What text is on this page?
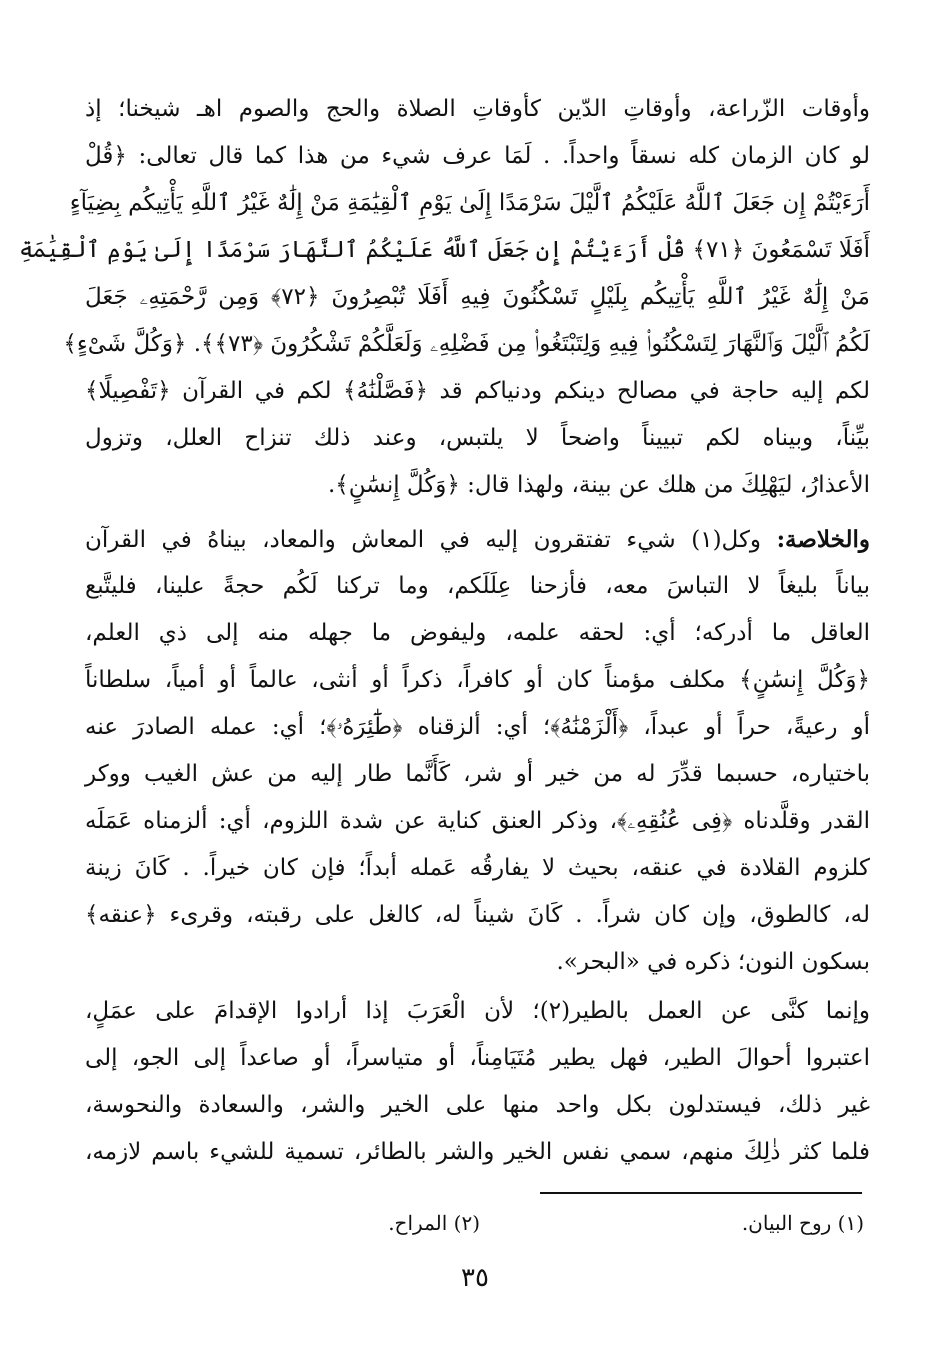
وأوقات الزّراعة، وأوقاتِ الدّين كأوقاتِ الصلاة والحج والصوم اهـ شيخنا؛ إذ
لو كان الزمان كله نسقاً واحداً. . لَمَا عرف شيء من هذا كما قال تعالى: ﴿قُلْ
أَرَءَيْتُمْ إِن جَعَلَ ٱللَّهُ عَلَيْكُمُ ٱلَّيْلَ سَرْمَدًا إِلَىٰ يَوْمِ ٱلْقِيَٰمَةِ مَنْ إِلَٰهٌ غَيْرُ ٱللَّهِ يَأْتِيكُم بِضِيَآءٍ
أَفَلَا تَسْمَعُونَ ﴿٧١﴾ قُلْ أَرَءَيْتُمْ إِن جَعَلَ ٱللَّهُ عَلَيْكُمُ ٱلنَّهَارَ سَرْمَدًا إِلَىٰ يَوْمِ ٱلْقِيَٰمَةِ
مَنْ إِلَٰهٌ غَيْرُ ٱللَّهِ يَأْتِيكُم بِلَيْلٍ تَسْكُنُونَ فِيهِ أَفَلَا تُبْصِرُونَ ﴿٧٢﴾ وَمِن رَّحْمَتِهِۦ جَعَلَ
لَكُمُ ٱلَّيْلَ وَٱلنَّهَارَ لِتَسْكُنُوا۟ فِيهِ وَلِتَبْتَغُوا۟ مِن فَضْلِهِۦ وَلَعَلَّكُمْ تَشْكُرُونَ ﴿٧٣﴾﴾. ﴿وَكُلَّ شَىْءٍ﴾
لكم إليه حاجة في مصالح دينكم ودنياكم قد ﴿فَصَّلْنَٰهُ﴾ لكم في القرآن ﴿تَفْصِيلًا﴾
بيِّناً، وبيناه لكم تبييناً واضحاً لا يلتبس، وعند ذلك تنزاح العلل، وتزول
الأعذارُ، ليَهْلِكَ من هلك عن بينة، ولهذا قال: ﴿وَكُلَّ إِنسَٰنٍ﴾.
والخلاصة: وكل(١) شيء تفتقرون إليه في المعاش والمعاد، بيناهُ في القرآن
بياناً بليغاً لا التباسَ معه، فأزحنا عِلَلَكم، وما تركنا لَكُم حجةً علينا، فليتَّبع
العاقل ما أدركه؛ أي: لحقه علمه، وليفوض ما جهله منه إلى ذي العلم،
﴿وَكُلَّ إِنسَٰنٍ﴾ مكلف مؤمناً كان أو كافراً، ذكراً أو أنثى، عالماً أو أمياً، سلطاناً
أو رعيةً، حراً أو عبداً، ﴿أَلْزَمْنَٰهُ﴾؛ أي: ألزقناه ﴿طَٰٓئِرَهُۥ﴾؛ أي: عمله الصادرَ عنه
باختياره، حسبما قدِّرَ له من خير أو شر، كَأَنَّما طار إليه من عش الغيب ووكر
القدر وقلَّدناه ﴿فِى عُنُقِهِۦ﴾، وذكر العنق كناية عن شدة اللزوم، أي: ألزمناه عَمَلَه
كلزوم القلادة في عنقه، بحيث لا يفارقُه عَمله أبداً؛ فإن كان خيراً. . كَانَ زينة
له، كالطوق، وإن كان شراً. . كَانَ شيناً له، كالغل على رقبته، وقرىء ﴿عنقه﴾
بسكون النون؛ ذكره في «البحر».
وإنما كنَّى عن العمل بالطير(٢)؛ لأن الْعَرَبَ إذا أرادوا الإقدامَ على عمَلٍ،
اعتبروا أحوالَ الطير، فهل يطير مُتَيَامِناً، أو متياسراً، أو صاعداً إلى الجو، إلى
غير ذلك، فيستدلون بكل واحد منها على الخير والشر، والسعادة والنحوسة،
فلما كثر ذٰلِكَ منهم، سمي نفس الخير والشر بالطائر، تسمية للشيء باسم لازمه،
(١) روح البيان.
(٢) المراح.
٣٥
